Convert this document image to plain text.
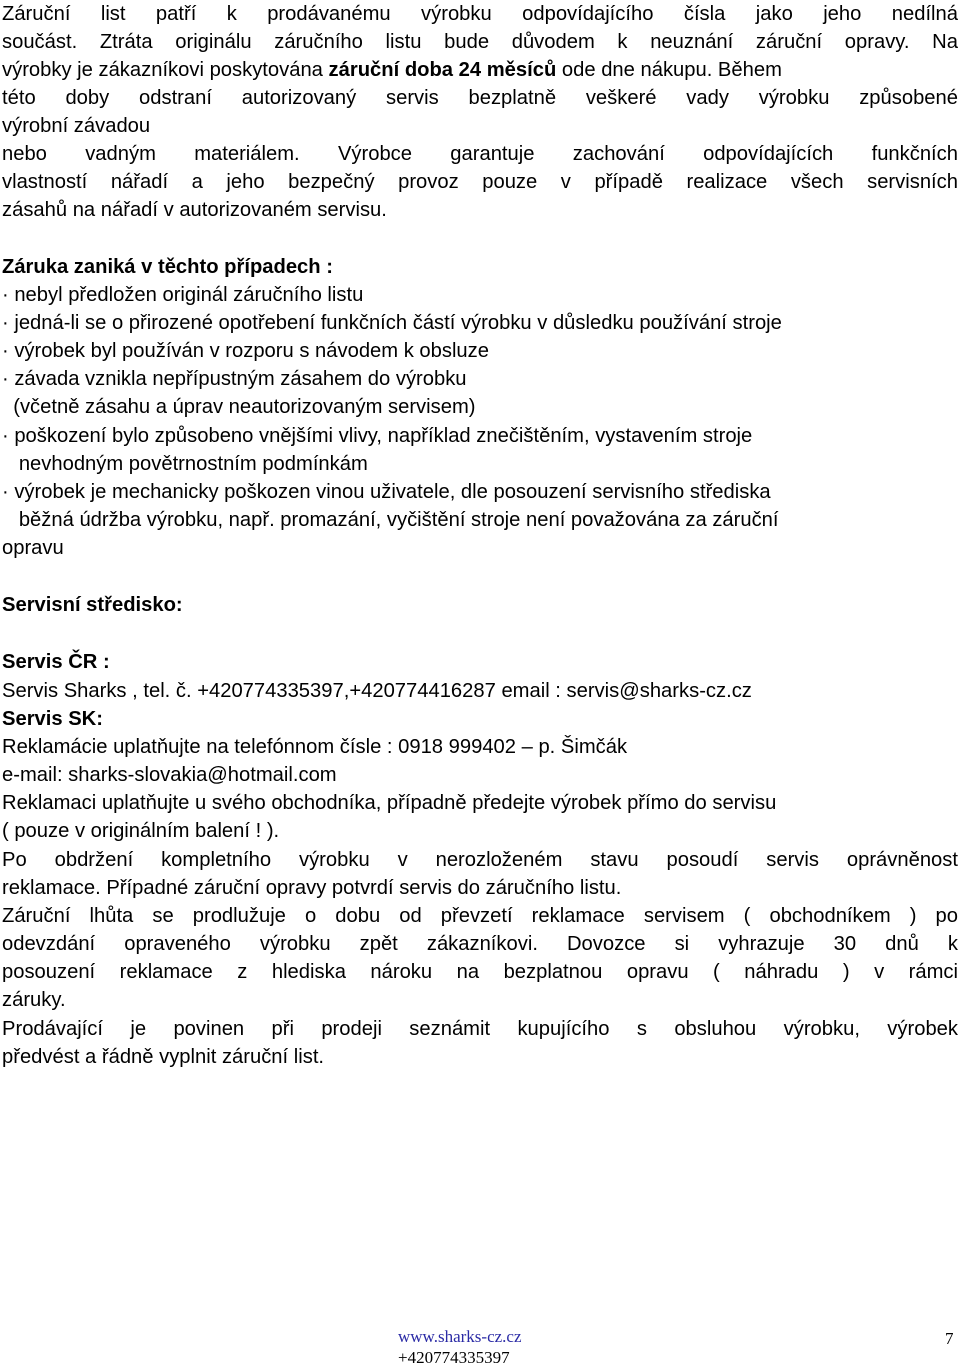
Záruční list patří k prodávanému výrobku odpovídajícího čísla jako jeho nedílná
součást. Ztráta originálu záručního listu bude důvodem k neuznání záruční opravy. Na
výrobky je zákazníkovi poskytována záruční doba 24 měsíců ode dne nákupu. Během
této doby odstraní autorizovaný servis bezplatně veškeré vady výrobku způsobené
výrobní závadou
nebo vadným materiálem. Výrobce garantuje zachování odpovídajících funkčních
vlastností nářadí a jeho bezpečný provoz pouze v případě realizace všech servisních
zásahů na nářadí v autorizovaném servisu.
Záruka zaniká v těchto případech :
· nebyl předložen originál záručního listu
· jedná-li se o přirozené opotřebení funkčních částí výrobku v důsledku používání stroje
· výrobek byl používán v rozporu s návodem k obsluze
· závada vznikla nepřípustným zásahem do výrobku
(včetně zásahu a úprav neautorizovaným servisem)
· poškození bylo způsobeno vnějšími vlivy, například znečištěním, vystavením stroje
nevhodným povětrnostním podmínkám
· výrobek je mechanicky poškozen vinou uživatele, dle posouzení servisního střediska
běžná údržba výrobku, např. promazání, vyčištění stroje není považována za záruční
opravu
Servisní středisko:
Servis ČR :
Servis Sharks , tel. č. +420774335397,+420774416287 email : servis@sharks-cz.cz
Servis SK:
Reklamácie uplatňujte na telefónnom čísle : 0918 999402 – p. Šimčák
e-mail: sharks-slovakia@hotmail.com
Reklamaci uplatňujte u svého obchodníka, případně předejte výrobek přímo do servisu
( pouze v originálním balení ! ).
Po obdržení kompletního výrobku v nerozloženém stavu posoudí servis oprávněnost
reklamace. Případné záruční opravy potvrdí servis do záručního listu.
Záruční lhůta se prodlužuje o dobu od převzetí reklamace servisem ( obchodníkem ) po
odevzdání opraveného výrobku zpět zákazníkovi. Dovozce si vyhrazuje 30 dnů k
posouzení reklamace z hlediska nároku na bezplatnou opravu ( náhradu ) v rámci
záruky.
Prodávající je povinen při prodeji seznámit kupujícího s obsluhou výrobku, výrobek
předvést a řádně vyplnit záruční list.
www.sharks-cz.cz
+420774335397
7
